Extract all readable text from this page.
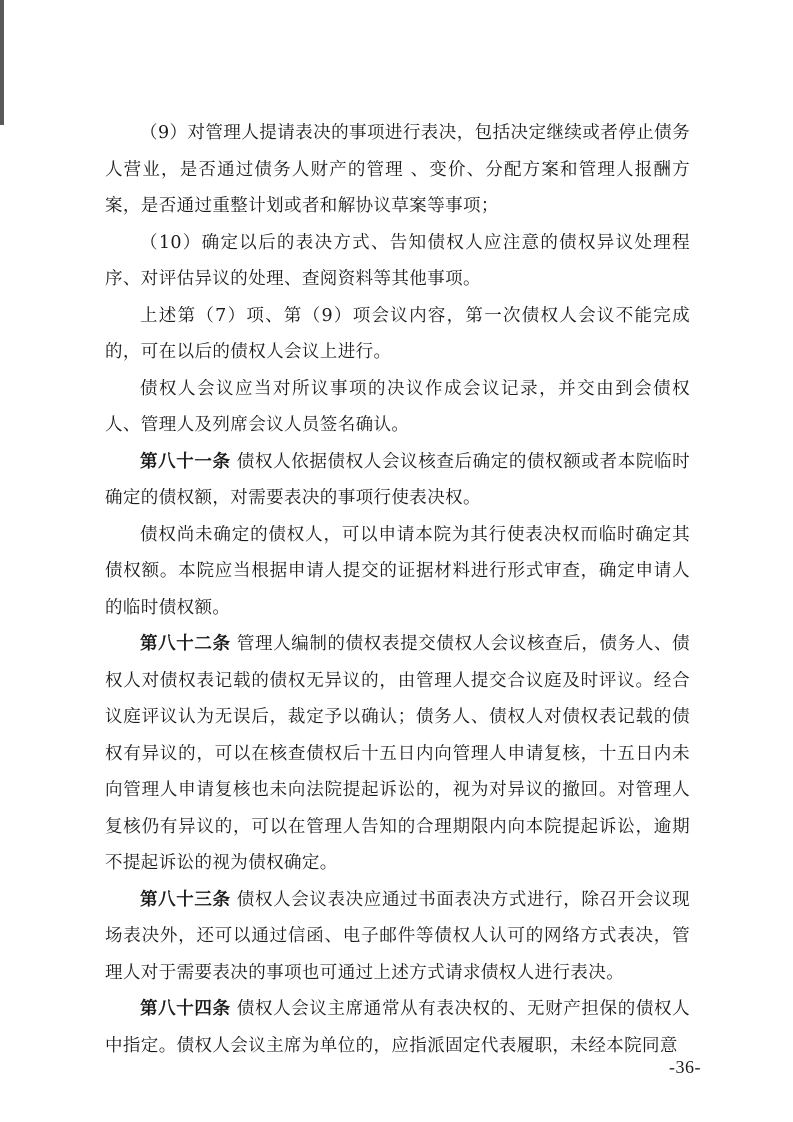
（9）对管理人提请表决的事项进行表决，包括决定继续或者停止债务人营业，是否通过债务人财产的管理 、变价、分配方案和管理人报酬方案，是否通过重整计划或者和解协议草案等事项；

（10）确定以后的表决方式、告知债权人应注意的债权异议处理程序、对评估异议的处理、查阅资料等其他事项。

上述第（7）项、第（9）项会议内容，第一次债权人会议不能完成的，可在以后的债权人会议上进行。

债权人会议应当对所议事项的决议作成会议记录，并交由到会债权人、管理人及列席会议人员签名确认。

第八十一条 债权人依据债权人会议核查后确定的债权额或者本院临时确定的债权额，对需要表决的事项行使表决权。

债权尚未确定的债权人，可以申请本院为其行使表决权而临时确定其债权额。本院应当根据申请人提交的证据材料进行形式审查，确定申请人的临时债权额。

第八十二条 管理人编制的债权表提交债权人会议核查后，债务人、债权人对债权表记载的债权无异议的，由管理人提交合议庭及时评议。经合议庭评议认为无误后，裁定予以确认；债务人、债权人对债权表记载的债权有异议的，可以在核查债权后十五日内向管理人申请复核，十五日内未向管理人申请复核也未向法院提起诉讼的，视为对异议的撤回。对管理人复核仍有异议的，可以在管理人告知的合理期限内向本院提起诉讼，逾期不提起诉讼的视为债权确定。

第八十三条 债权人会议表决应通过书面表决方式进行，除召开会议现场表决外，还可以通过信函、电子邮件等债权人认可的网络方式表决，管理人对于需要表决的事项也可通过上述方式请求债权人进行表决。

第八十四条 债权人会议主席通常从有表决权的、无财产担保的债权人中指定。债权人会议主席为单位的，应指派固定代表履职，未经本院同意

-36-
